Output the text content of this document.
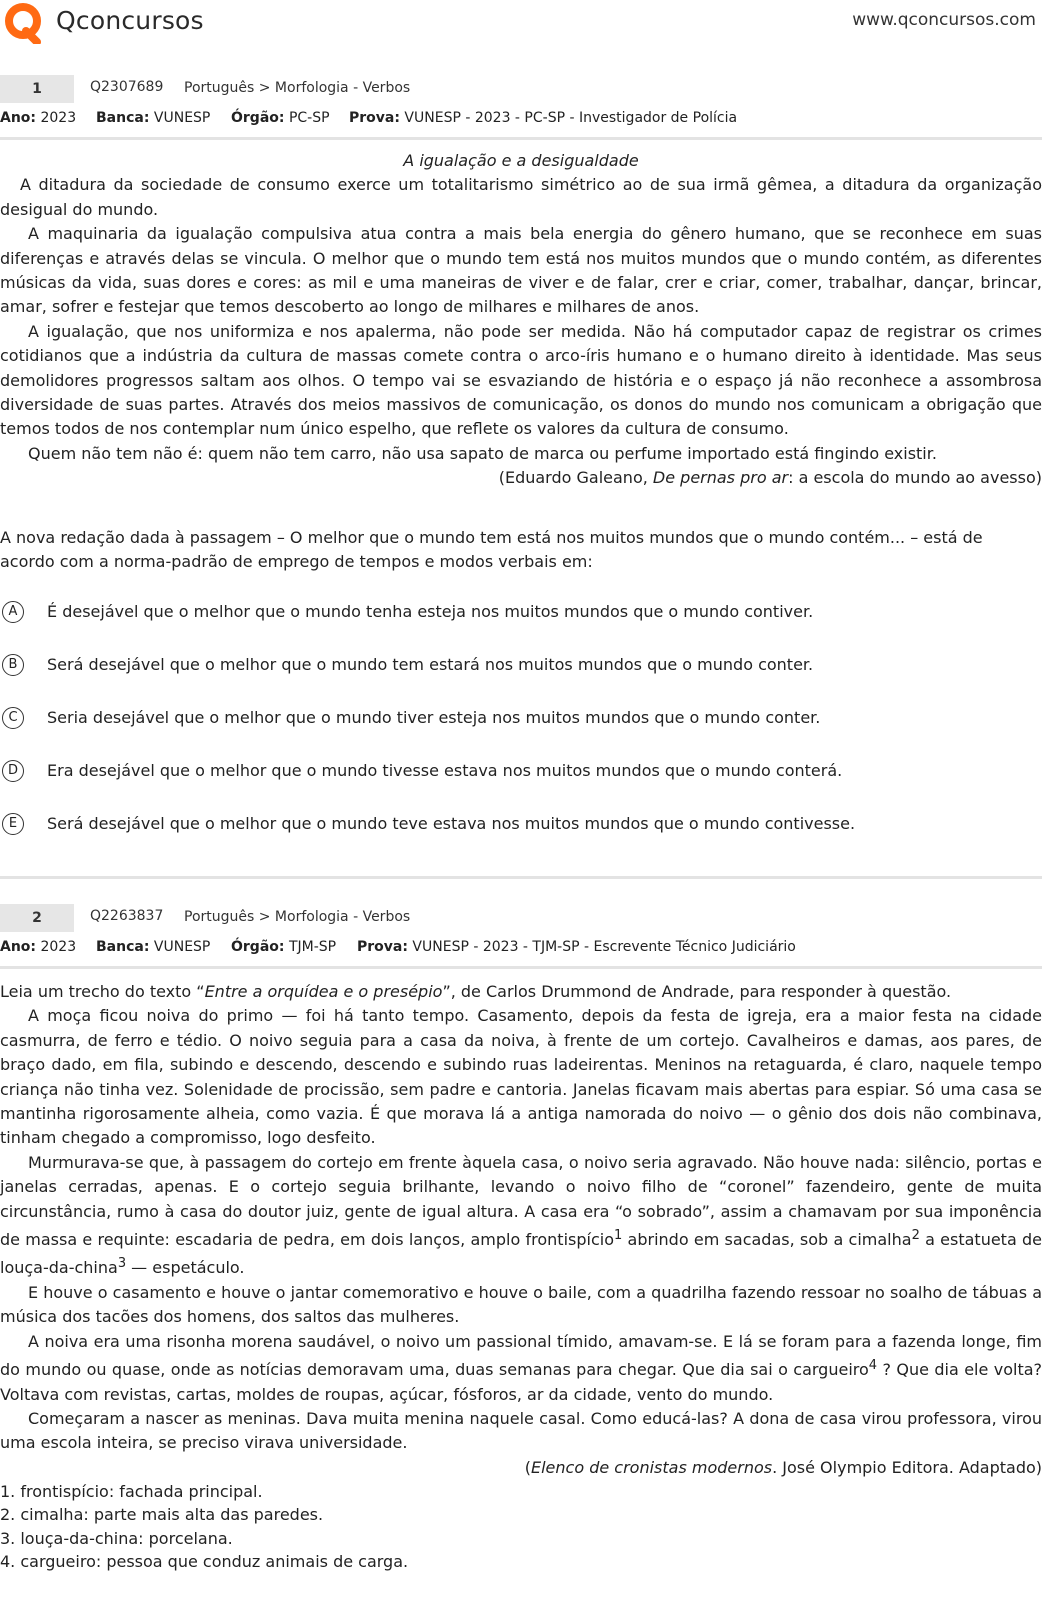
Qconcursos	www.qconcursos.com
1	Q2307689 Português > Morfologia - Verbos
Ano: 2023 Banca: VUNESP Órgão: PC-SP Prova: VUNESP - 2023 - PC-SP - Investigador de Polícia

A igualação e a desigualdade

A ditadura da sociedade de consumo exerce um totalitarismo simétrico ao de sua irmã gêmea, a ditadura da organização desigual do mundo.

A maquinaria da igualação compulsiva atua contra a mais bela energia do gênero humano, que se reconhece em suas diferenças e através delas se vincula. O melhor que o mundo tem está nos muitos mundos que o mundo contém, as diferentes músicas da vida, suas dores e cores: as mil e uma maneiras de viver e de falar, crer e criar, comer, trabalhar, dançar, brincar, amar, sofrer e festejar que temos descoberto ao longo de milhares e milhares de anos.

A igualação, que nos uniformiza e nos apalerma, não pode ser medida. Não há computador capaz de registrar os crimes cotidianos que a indústria da cultura de massas comete contra o arco-íris humano e o humano direito à identidade. Mas seus demolidores progressos saltam aos olhos. O tempo vai se esvaziando de história e o espaço já não reconhece a assombrosa diversidade de suas partes. Através dos meios massivos de comunicação, os donos do mundo nos comunicam a obrigação que temos todos de nos contemplar num único espelho, que reflete os valores da cultura de consumo.

Quem não tem não é: quem não tem carro, não usa sapato de marca ou perfume importado está fingindo existir.

(Eduardo Galeano, De pernas pro ar: a escola do mundo ao avesso)

A nova redação dada à passagem – O melhor que o mundo tem está nos muitos mundos que o mundo contém... – está de acordo com a norma-padrão de emprego de tempos e modos verbais em:
A	É desejável que o melhor que o mundo tenha esteja nos muitos mundos que o mundo contiver.
B	Será desejável que o melhor que o mundo tem estará nos muitos mundos que o mundo conter.
C	Seria desejável que o melhor que o mundo tiver esteja nos muitos mundos que o mundo conter.
D	Era desejável que o melhor que o mundo tivesse estava nos muitos mundos que o mundo conterá.
E	Será desejável que o melhor que o mundo teve estava nos muitos mundos que o mundo contivesse.
2	Q2263837 Português > Morfologia - Verbos
Ano: 2023 Banca: VUNESP Órgão: TJM-SP Prova: VUNESP - 2023 - TJM-SP - Escrevente Técnico Judiciário

Leia um trecho do texto “Entre a orquídea e o presépio”, de Carlos Drummond de Andrade, para responder à questão.

A moça ficou noiva do primo — foi há tanto tempo. Casamento, depois da festa de igreja, era a maior festa na cidade casmurra, de ferro e tédio. O noivo seguia para a casa da noiva, à frente de um cortejo. Cavalheiros e damas, aos pares, de braço dado, em fila, subindo e descendo, descendo e subindo ruas ladeirentas. Meninos na retaguarda, é claro, naquele tempo criança não tinha vez. Solenidade de procissão, sem padre e cantoria. Janelas ficavam mais abertas para espiar. Só uma casa se mantinha rigorosamente alheia, como vazia. É que morava lá a antiga namorada do noivo — o gênio dos dois não combinava, tinham chegado a compromisso, logo desfeito.

Murmurava-se que, à passagem do cortejo em frente àquela casa, o noivo seria agravado. Não houve nada: silêncio, portas e janelas cerradas, apenas. E o cortejo seguia brilhante, levando o noivo filho de “coronel” fazendeiro, gente de muita circunstância, rumo à casa do doutor juiz, gente de igual altura. A casa era “o sobrado”, assim a chamavam por sua imponência de massa e requinte: escadaria de pedra, em dois lanços, amplo frontispício$^1$ abrindo em sacadas, sob a cimalha$^2$ a estatueta de louça-da-china$^3$ — espetáculo.

E houve o casamento e houve o jantar comemorativo e houve o baile, com a quadrilha fazendo ressoar no soalho de tábuas a música dos tacões dos homens, dos saltos das mulheres.

A noiva era uma risonha morena saudável, o noivo um passional tímido, amavam-se. E lá se foram para a fazenda longe, fim do mundo ou quase, onde as notícias demoravam uma, duas semanas para chegar. Que dia sai o cargueiro$^4$ ? Que dia ele volta? Voltava com revistas, cartas, moldes de roupas, açúcar, fósforos, ar da cidade, vento do mundo.

Começaram a nascer as meninas. Dava muita menina naquele casal. Como educá-las? A dona de casa virou professora, virou uma escola inteira, se preciso virava universidade.

(Elenco de cronistas modernos. José Olympio Editora. Adaptado)

1. frontispício: fachada principal.
2. cimalha: parte mais alta das paredes.
3. louça-da-china: porcelana.
4. cargueiro: pessoa que conduz animais de carga.
